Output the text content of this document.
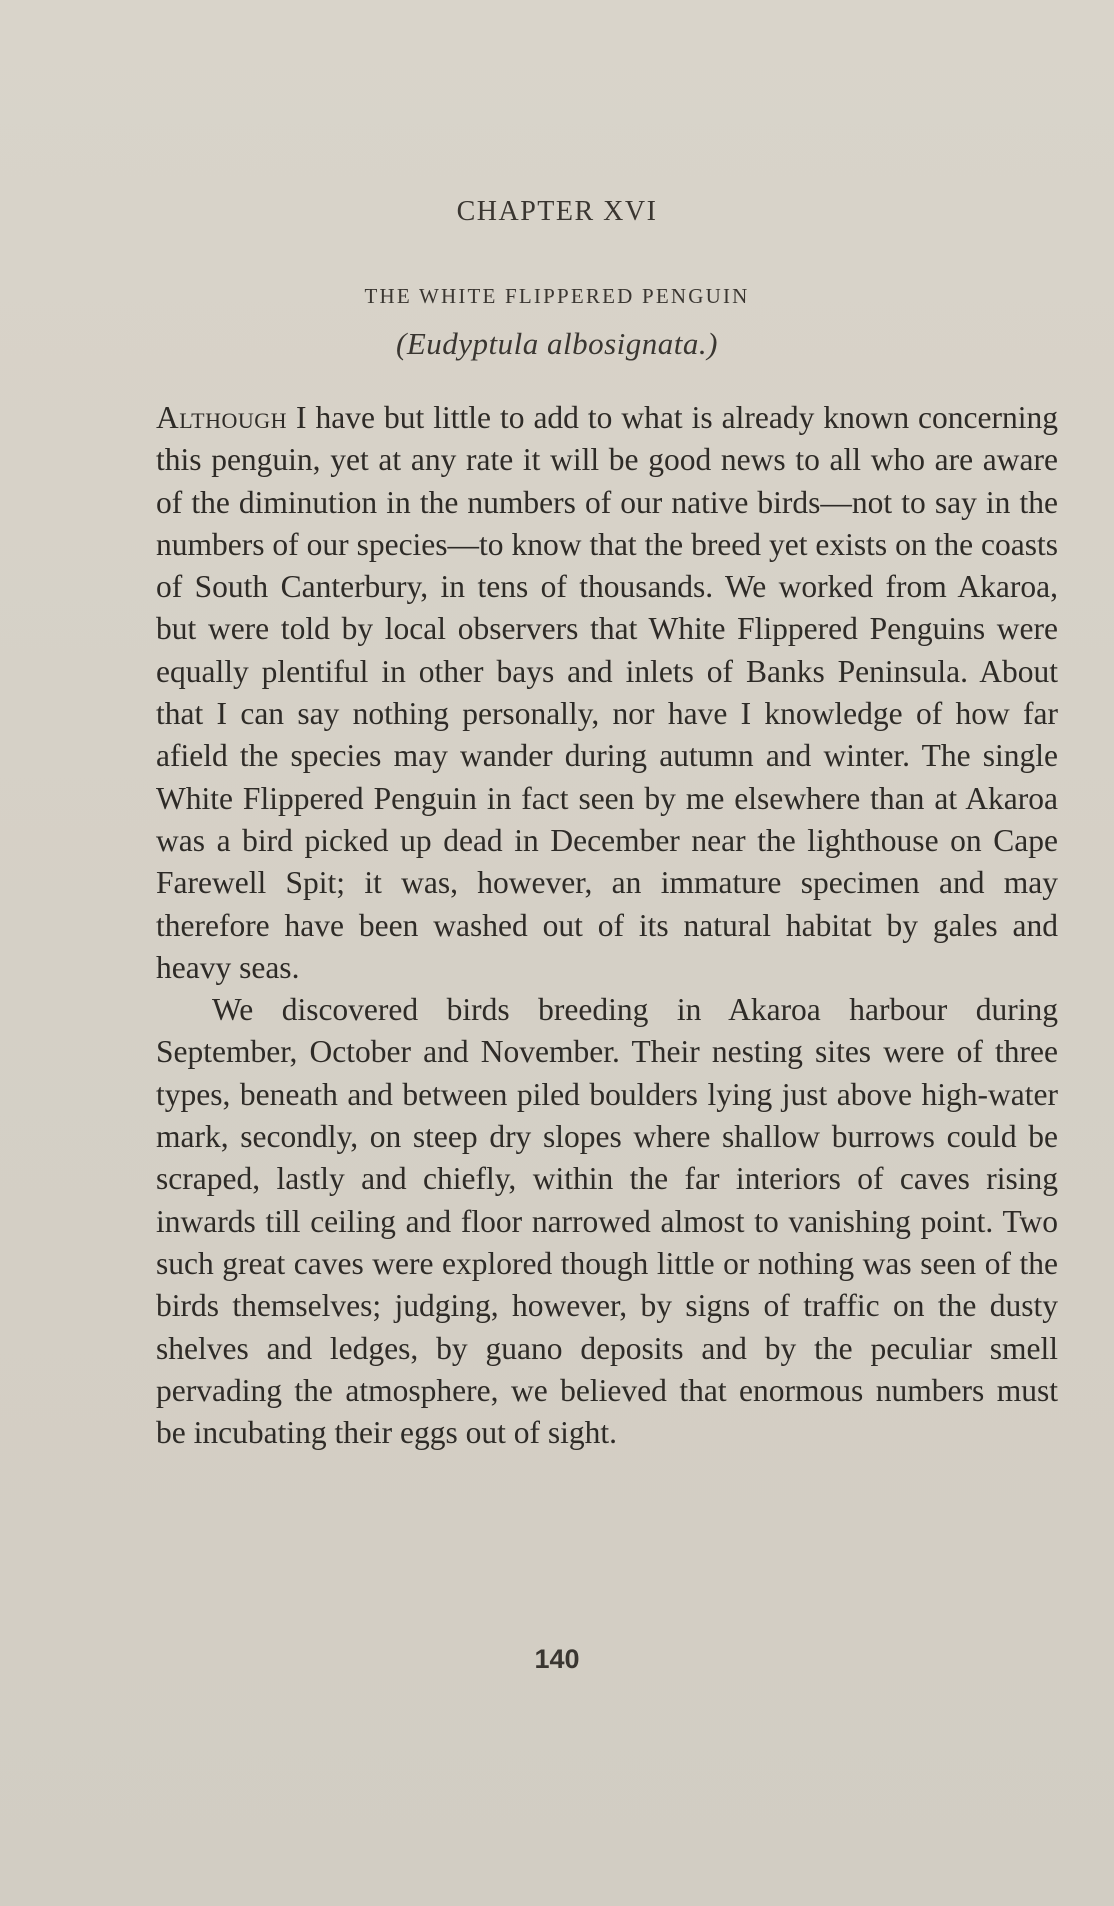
CHAPTER XVI
THE WHITE FLIPPERED PENGUIN
(Eudyptula albosignata.)

Although I have but little to add to what is already known concerning this penguin, yet at any rate it will be good news to all who are aware of the diminution in the numbers of our native birds—not to say in the numbers of our species—to know that the breed yet exists on the coasts of South Canterbury, in tens of thousands. We worked from Akaroa, but were told by local observers that White Flippered Penguins were equally plentiful in other bays and inlets of Banks Peninsula. About that I can say nothing personally, nor have I knowledge of how far afield the species may wander during autumn and winter. The single White Flippered Penguin in fact seen by me elsewhere than at Akaroa was a bird picked up dead in December near the lighthouse on Cape Farewell Spit; it was, however, an immature specimen and may therefore have been washed out of its natural habitat by gales and heavy seas.

We discovered birds breeding in Akaroa harbour during September, October and November. Their nesting sites were of three types, beneath and between piled boulders lying just above high-water mark, secondly, on steep dry slopes where shallow burrows could be scraped, lastly and chiefly, within the far interiors of caves rising inwards till ceiling and floor narrowed almost to vanishing point. Two such great caves were explored though little or nothing was seen of the birds themselves; judging, however, by signs of traffic on the dusty shelves and ledges, by guano deposits and by the peculiar smell pervading the atmosphere, we believed that enormous numbers must be incubating their eggs out of sight.

140
